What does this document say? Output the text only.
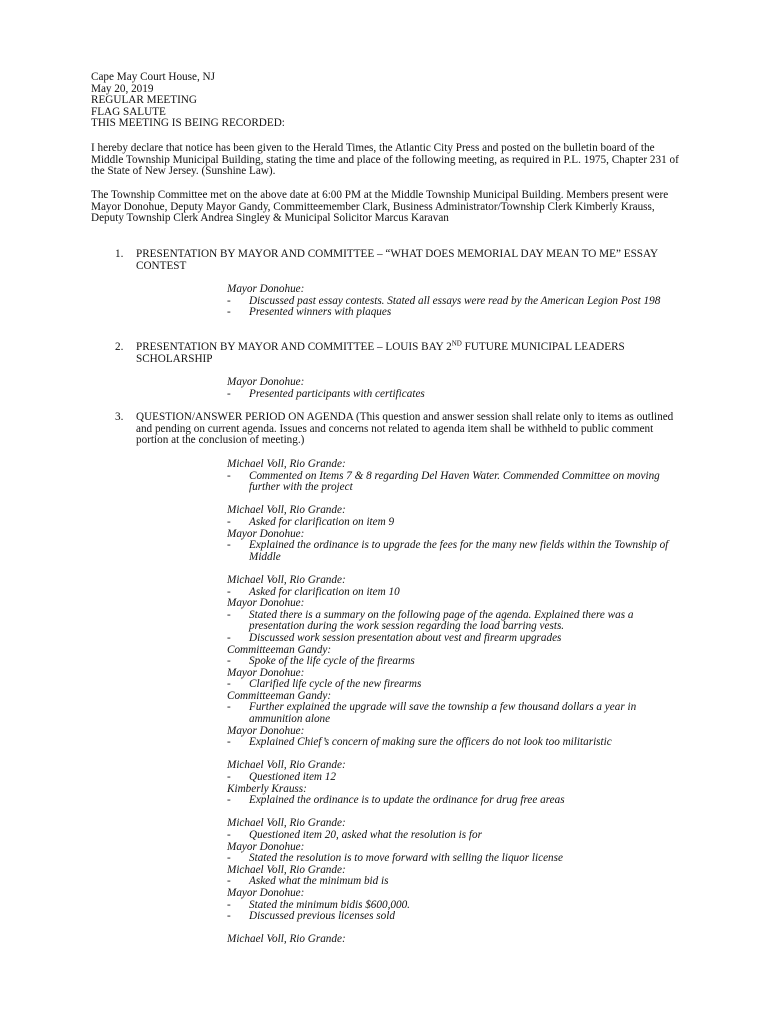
Cape May Court House, NJ
May 20, 2019
REGULAR MEETING
FLAG SALUTE
THIS MEETING IS BEING RECORDED:
I hereby declare that notice has been given to the Herald Times, the Atlantic City Press and posted on the bulletin board of the Middle Township Municipal Building, stating the time and place of the following meeting, as required in P.L. 1975, Chapter 231 of the State of New Jersey. (Sunshine Law).
The Township Committee met on the above date at 6:00 PM at the Middle Township Municipal Building. Members present were Mayor Donohue, Deputy Mayor Gandy, Committeemember Clark, Business Administrator/Township Clerk Kimberly Krauss, Deputy Township Clerk Andrea Singley & Municipal Solicitor Marcus Karavan
1. PRESENTATION BY MAYOR AND COMMITTEE – “WHAT DOES MEMORIAL DAY MEAN TO ME” ESSAY CONTEST
Mayor Donohue:
- Discussed past essay contests. Stated all essays were read by the American Legion Post 198
- Presented winners with plaques
2. PRESENTATION BY MAYOR AND COMMITTEE – LOUIS BAY 2ND FUTURE MUNICIPAL LEADERS SCHOLARSHIP
Mayor Donohue:
- Presented participants with certificates
3. QUESTION/ANSWER PERIOD ON AGENDA (This question and answer session shall relate only to items as outlined and pending on current agenda. Issues and concerns not related to agenda item shall be withheld to public comment portion at the conclusion of meeting.)
Michael Voll, Rio Grande:
- Commented on Items 7 & 8 regarding Del Haven Water. Commended Committee on moving further with the project
Michael Voll, Rio Grande:
- Asked for clarification on item 9
Mayor Donohue:
- Explained the ordinance is to upgrade the fees for the many new fields within the Township of Middle
Michael Voll, Rio Grande:
- Asked for clarification on item 10
Mayor Donohue:
- Stated there is a summary on the following page of the agenda. Explained there was a presentation during the work session regarding the load barring vests.
- Discussed work session presentation about vest and firearm upgrades
Committeeman Gandy:
- Spoke of the life cycle of the firearms
Mayor Donohue:
- Clarified life cycle of the new firearms
Committeeman Gandy:
- Further explained the upgrade will save the township a few thousand dollars a year in ammunition alone
Mayor Donohue:
- Explained Chief’s concern of making sure the officers do not look too militaristic
Michael Voll, Rio Grande:
- Questioned item 12
Kimberly Krauss:
- Explained the ordinance is to update the ordinance for drug free areas
Michael Voll, Rio Grande:
- Questioned item 20, asked what the resolution is for
Mayor Donohue:
- Stated the resolution is to move forward with selling the liquor license
Michael Voll, Rio Grande:
- Asked what the minimum bid is
Mayor Donohue:
- Stated the minimum bidis $600,000.
- Discussed previous licenses sold
Michael Voll, Rio Grande:
